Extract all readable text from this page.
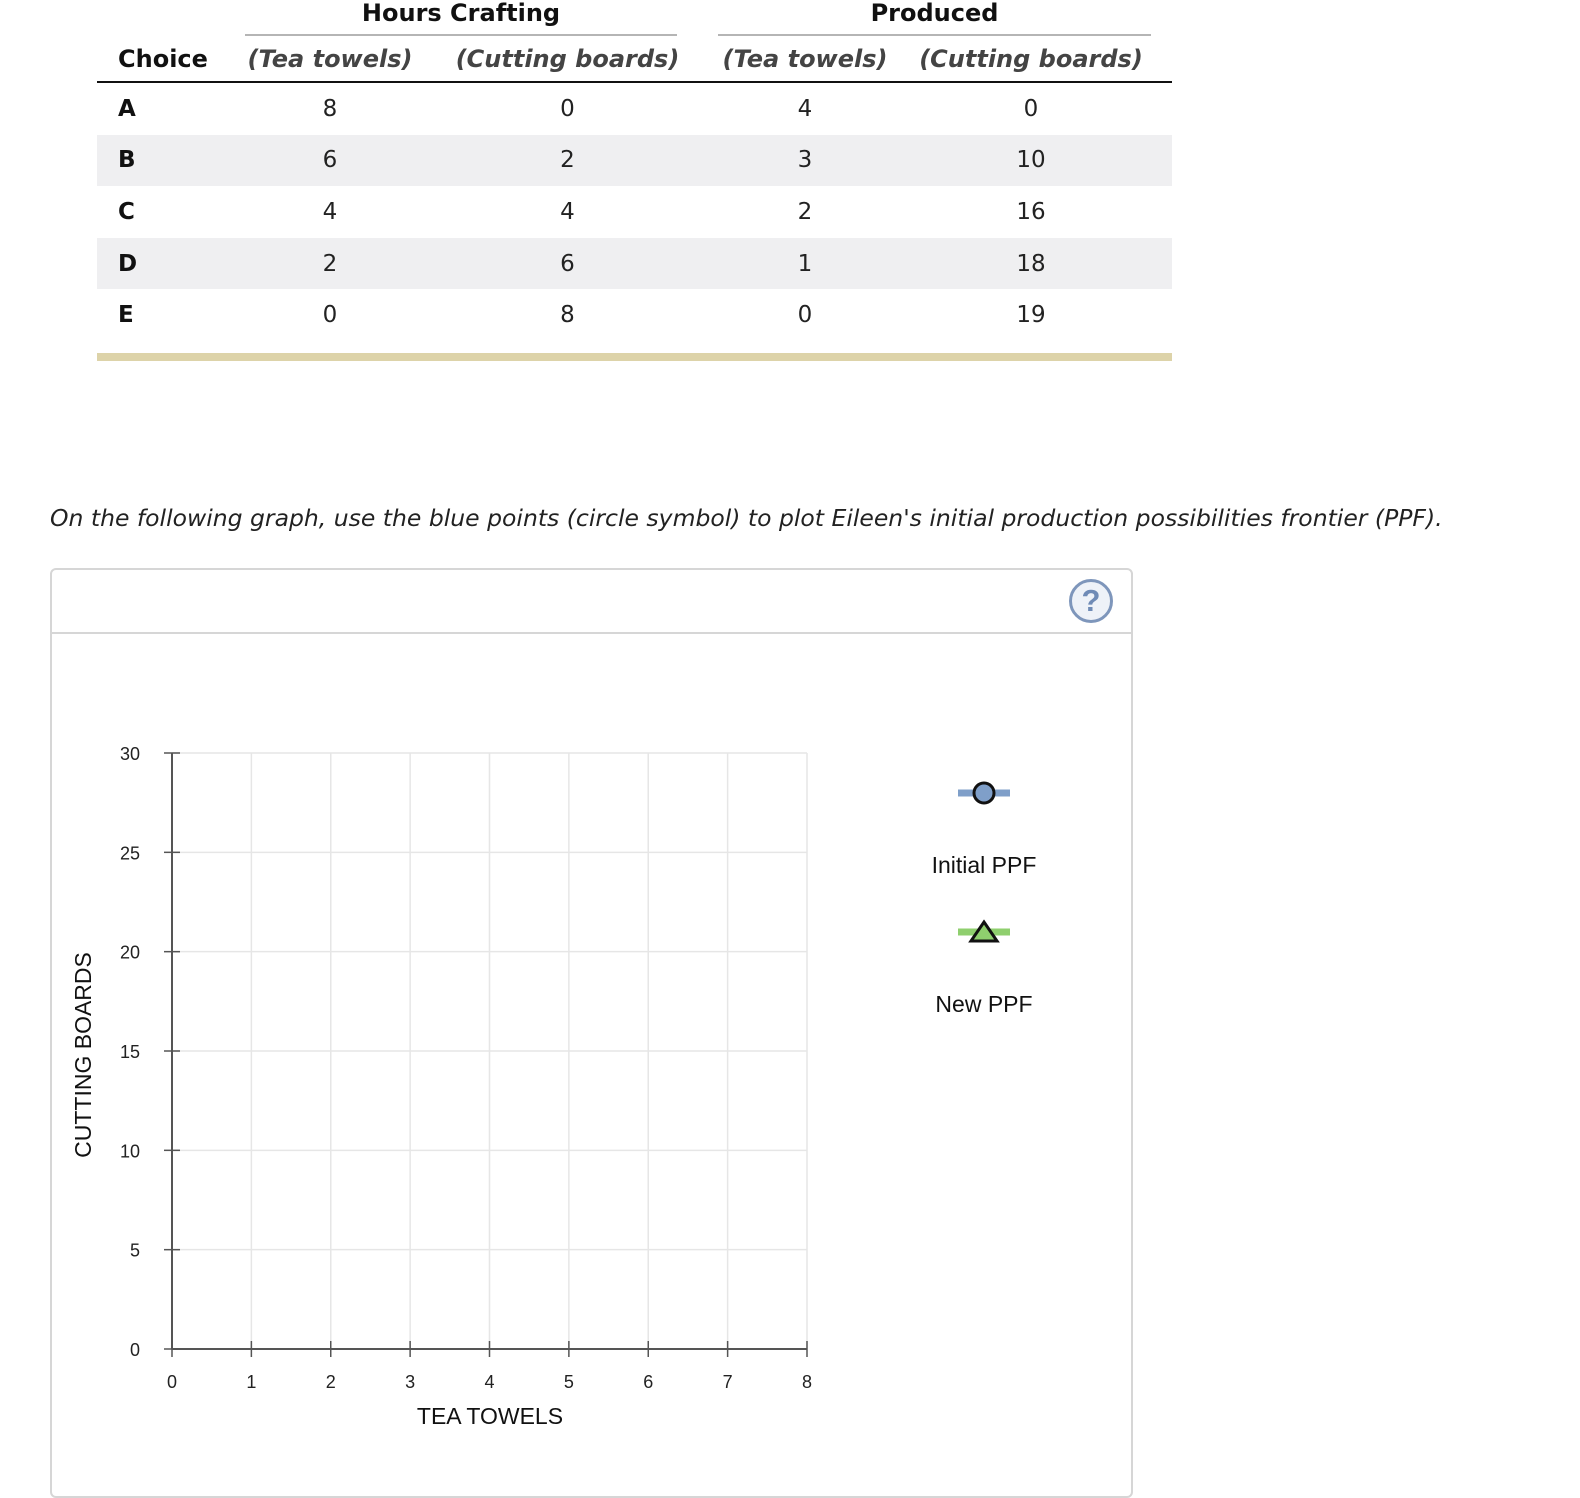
Hours Crafting	Produced
Choice	(Tea towels)	(Cutting boards)	(Tea towels)	(Cutting boards)
A	8	0	4	0
B	6	2	3	10
C	4	4	2	16
D	2	6	1	18
E	0	8	0	19
On the following graph, use the blue points (circle symbol) to plot Eileen's initial production possibilities frontier (PPF).
?
0	1	2	3	4	5	6	7	8
0
5
10
15
20
25
30
TEA TOWELS
CUTTING BOARDS
Initial PPF
New PPF
